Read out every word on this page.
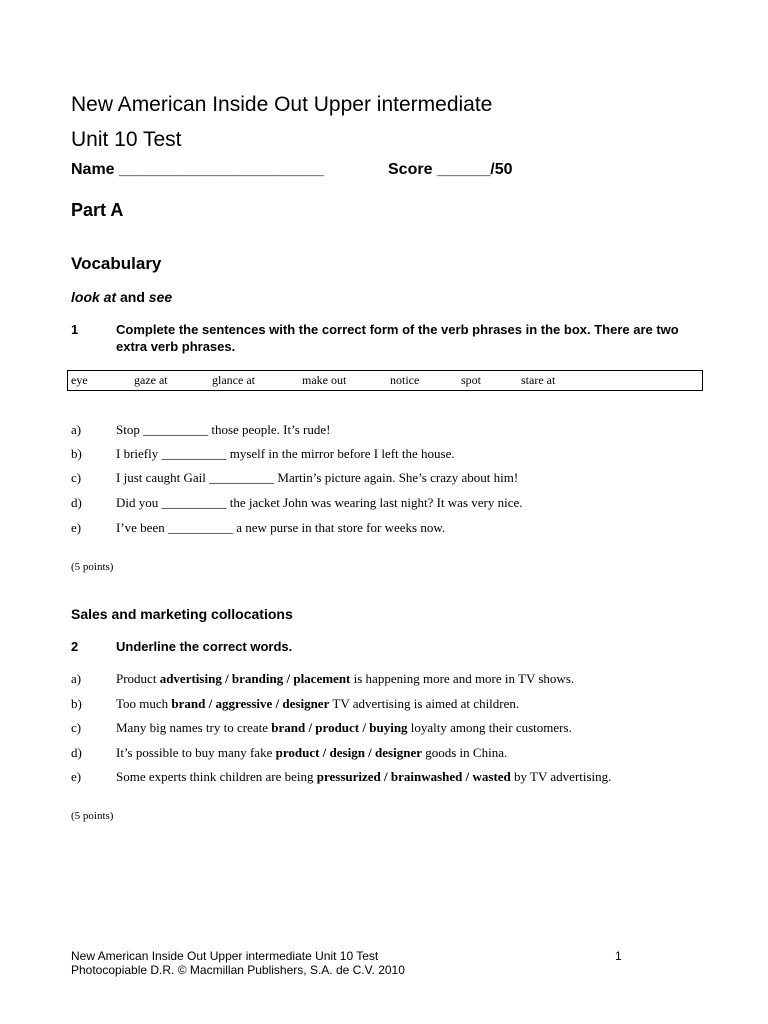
New American Inside Out Upper intermediate
Unit 10 Test
Name _______________________	Score ______/50
Part A
Vocabulary
look at and see
1	Complete the sentences with the correct form of the verb phrases in the box. There are two extra verb phrases.
eye	gaze at	glance at	make out	notice	spot	stare at
a)	Stop __________ those people. It’s rude!
b)	I briefly __________ myself in the mirror before I left the house.
c)	I just caught Gail __________ Martin’s picture again. She’s crazy about him!
d)	Did you __________ the jacket John was wearing last night? It was very nice.
e)	I’ve been __________ a new purse in that store for weeks now.
(5 points)
Sales and marketing collocations
2	Underline the correct words.
a)	Product advertising / branding / placement is happening more and more in TV shows.
b)	Too much brand / aggressive / designer TV advertising is aimed at children.
c)	Many big names try to create brand / product / buying loyalty among their customers.
d)	It’s possible to buy many fake product / design / designer goods in China.
e)	Some experts think children are being pressurized / brainwashed / wasted by TV advertising.
(5 points)
New American Inside Out Upper intermediate Unit 10 Test
Photocopiable D.R. © Macmillan Publishers, S.A. de C.V. 2010
1
